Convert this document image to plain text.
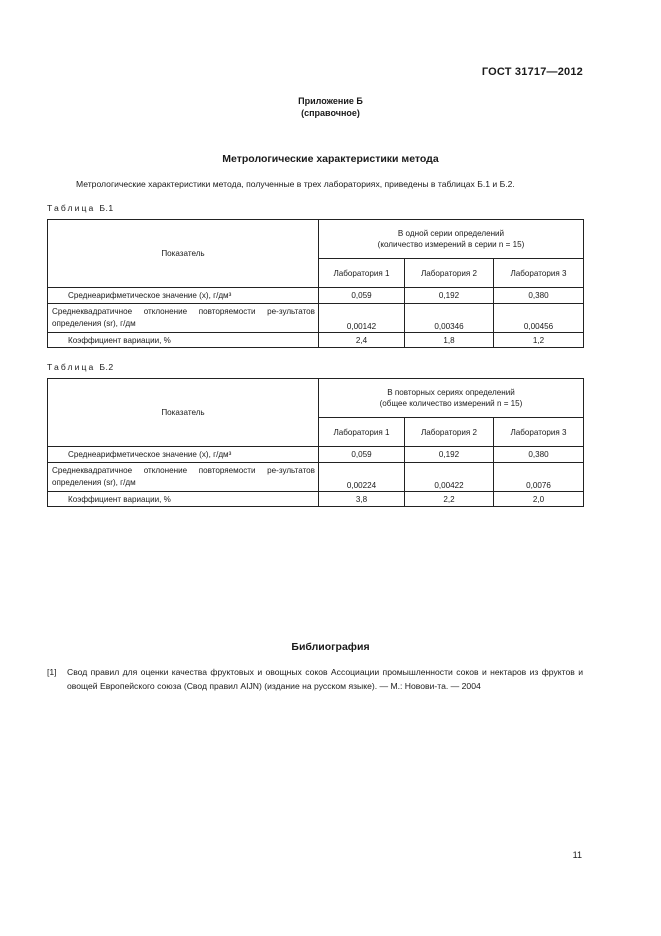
ГОСТ 31717—2012
Приложение Б
(справочное)
Метрологические характеристики метода
Метрологические характеристики метода, полученные в трех лабораториях, приведены в таблицах Б.1 и Б.2.
Таблица Б.1
Показатель	В одной серии определений
(количество измерений в серии n = 15)		

	Лаборатория 1	Лаборатория 2	Лаборатория 3
Среднеарифметическое значение (x), г/дм³	0,059	0,192	0,380
Среднеквадратичное отклонение повторяемости ре-зультатов определения (sr), г/дм	0,00142	0,00346	0,00456
Коэффициент вариации, %	2,4	1,8	1,2
Таблица Б.2
Показатель	В повторных сериях определений
(общее количество измерений n = 15)		

	Лаборатория 1	Лаборатория 2	Лаборатория 3
Среднеарифметическое значение (x), г/дм³	0,059	0,192	0,380
Среднеквадратичное отклонение повторяемости ре-зультатов определения (sr), г/дм	0,00224	0,00422	0,0076
Коэффициент вариации, %	3,8	2,2	2,0
Библиография
[1] Свод правил для оценки качества фруктовых и овощных соков Ассоциации промышленности соков и нектаров из фруктов и овощей Европейского союза (Свод правил AIJN) (издание на русском языке). — М.: Новови-та. — 2004
11
